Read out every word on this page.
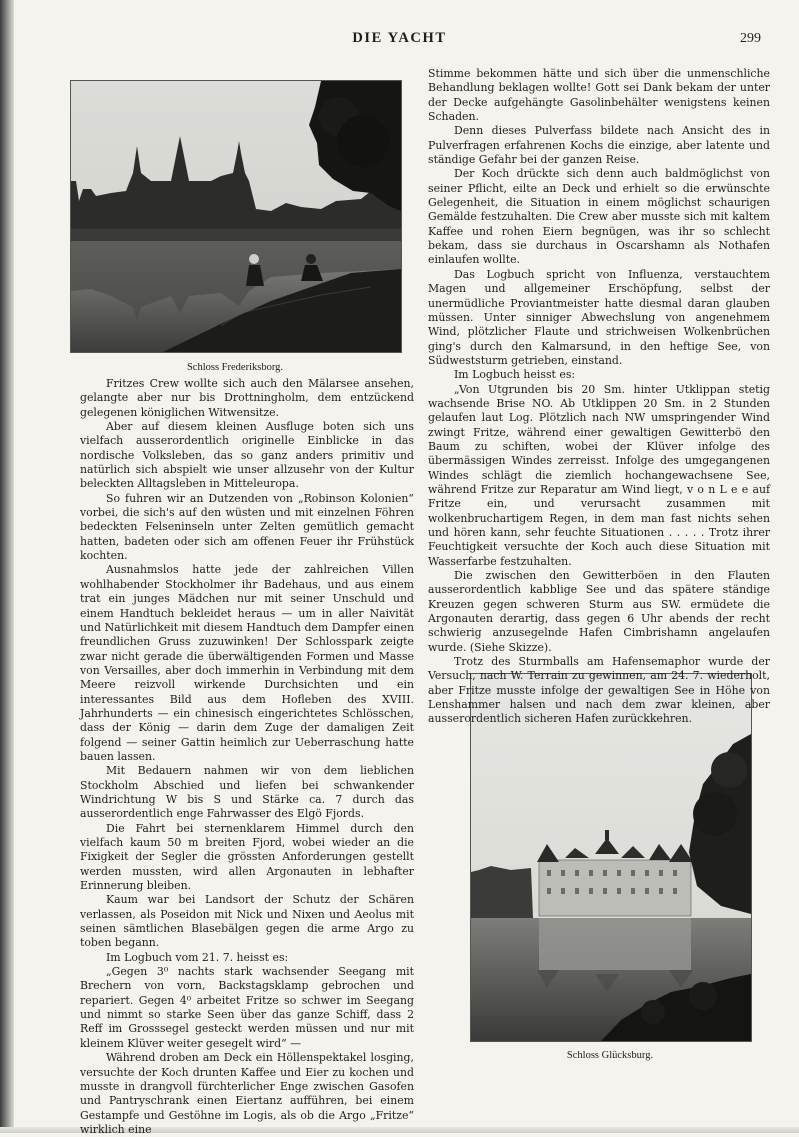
DIE YACHT	299
Schloss Frederiksborg.
Schloss Glücksburg.

Fritzes Crew wollte sich auch den Mälarsee ansehen, gelangte aber nur bis Drottningholm, dem entzückend gelegenen königlichen Witwensitze.

Aber auf diesem kleinen Ausfluge boten sich uns vielfach ausserordentlich originelle Einblicke in das nordische Volksleben, das so ganz anders primitiv und natürlich sich abspielt wie unser allzusehr von der Kultur beleckten Alltagsleben in Mitteleuropa.

So fuhren wir an Dutzenden von „Robinson Kolonien“ vorbei, die sich's auf den wüsten und mit einzelnen Föhren bedeckten Felseninseln unter Zelten gemütlich gemacht hatten, badeten oder sich am offenen Feuer ihr Frühstück kochten.

Ausnahmslos hatte jede der zahlreichen Villen wohlhabender Stockholmer ihr Badehaus, und aus einem trat ein junges Mädchen nur mit seiner Unschuld und einem Handtuch bekleidet heraus — um in aller Naivität und Natürlichkeit mit diesem Handtuch dem Dampfer einen freundlichen Gruss zuzuwinken! Der Schlosspark zeigte zwar nicht gerade die überwältigenden Formen und Masse von Versailles, aber doch immerhin in Verbindung mit dem Meere reizvoll wirkende Durchsichten und ein interessantes Bild aus dem Hofleben des XVIII. Jahrhunderts — ein chinesisch eingerichtetes Schlösschen, dass der König — darin dem Zuge der damaligen Zeit folgend — seiner Gattin heimlich zur Ueberraschung hatte bauen lassen.

Mit Bedauern nahmen wir von dem lieblichen Stockholm Abschied und liefen bei schwankender Windrichtung W bis S und Stärke ca. 7 durch das ausserordentlich enge Fahrwasser des Elgö Fjords.

Die Fahrt bei sternenklarem Himmel durch den vielfach kaum 50 m breiten Fjord, wobei wieder an die Fixigkeit der Segler die grössten Anforderungen gestellt werden mussten, wird allen Argonauten in lebhafter Erinnerung bleiben.

Kaum war bei Landsort der Schutz der Schären verlassen, als Poseidon mit Nick und Nixen und Aeolus mit seinen sämtlichen Blasebälgen gegen die arme Argo zu toben begann.

Im Logbuch vom 21. 7. heisst es:

„Gegen 3⁰ nachts stark wachsender Seegang mit Brechern von vorn, Backstagsklamp gebrochen und repariert. Gegen 4⁰ arbeitet Fritze so schwer im Seegang und nimmt so starke Seen über das ganze Schiff, dass 2 Reff im Grosssegel gesteckt werden müssen und nur mit kleinem Klüver weiter gesegelt wird“ —

Während droben am Deck ein Höllenspektakel losging, versuchte der Koch drunten Kaffee und Eier zu kochen und musste in drangvoll fürchterlicher Enge zwischen Gasofen und Pantryschrank einen Eiertanz aufführen, bei einem Gestampfe und Gestöhne im Logis, als ob die Argo „Fritze“ wirklich eine

Stimme bekommen hätte und sich über die unmenschliche Behandlung beklagen wollte! Gott sei Dank bekam der unter der Decke aufgehängte Gasolinbehälter wenigstens keinen Schaden.

Denn dieses Pulverfass bildete nach Ansicht des in Pulverfragen erfahrenen Kochs die einzige, aber latente und ständige Gefahr bei der ganzen Reise.

Der Koch drückte sich denn auch baldmöglichst von seiner Pflicht, eilte an Deck und erhielt so die erwünschte Gelegenheit, die Situation in einem möglichst schaurigen Gemälde festzuhalten. Die Crew aber musste sich mit kaltem Kaffee und rohen Eiern begnügen, was ihr so schlecht bekam, dass sie durchaus in Oscarshamn als Nothafen einlaufen wollte.

Das Logbuch spricht von Influenza, verstauchtem Magen und allgemeiner Erschöpfung, selbst der unermüdliche Proviantmeister hatte diesmal daran glauben müssen. Unter sinniger Abwechslung von angenehmem Wind, plötzlicher Flaute und strichweisen Wolkenbrüchen ging's durch den Kalmarsund, in den heftige See, von Südweststurm getrieben, einstand.

Im Logbuch heisst es:

„Von Utgrunden bis 20 Sm. hinter Utklippan stetig wachsende Brise NO. Ab Utklippen 20 Sm. in 2 Stunden gelaufen laut Log. Plötzlich nach NW umspringender Wind zwingt Fritze, während einer gewaltigen Gewitterbö den Baum zu schiften, wobei der Klüver infolge des übermässigen Windes zerreisst. Infolge des umgegangenen Windes schlägt die ziemlich hochangewachsene See, während Fritze zur Reparatur am Wind liegt, v o n L e e auf Fritze ein, und verursacht zusammen mit wolkenbruchartigem Regen, in dem man fast nichts sehen und hören kann, sehr feuchte Situationen . . . . . Trotz ihrer Feuchtigkeit versuchte der Koch auch diese Situation mit Wasserfarbe festzuhalten.

Die zwischen den Gewitterböen in den Flauten ausserordentlich kabblige See und das spätere ständige Kreuzen gegen schweren Sturm aus SW. ermüdete die Argonauten derartig, dass gegen 6 Uhr abends der recht schwierig anzusegelnde Hafen Cimbrishamn angelaufen wurde. (Siehe Skizze).

Trotz des Sturmballs am Hafensemaphor wurde der Versuch, nach W. Terrain zu gewinnen, am 24. 7. wiederholt, aber Fritze musste infolge der gewaltigen See in Höhe von Lenshammer halsen und nach dem zwar kleinen, aber ausserordentlich sicheren Hafen zurückkehren.
